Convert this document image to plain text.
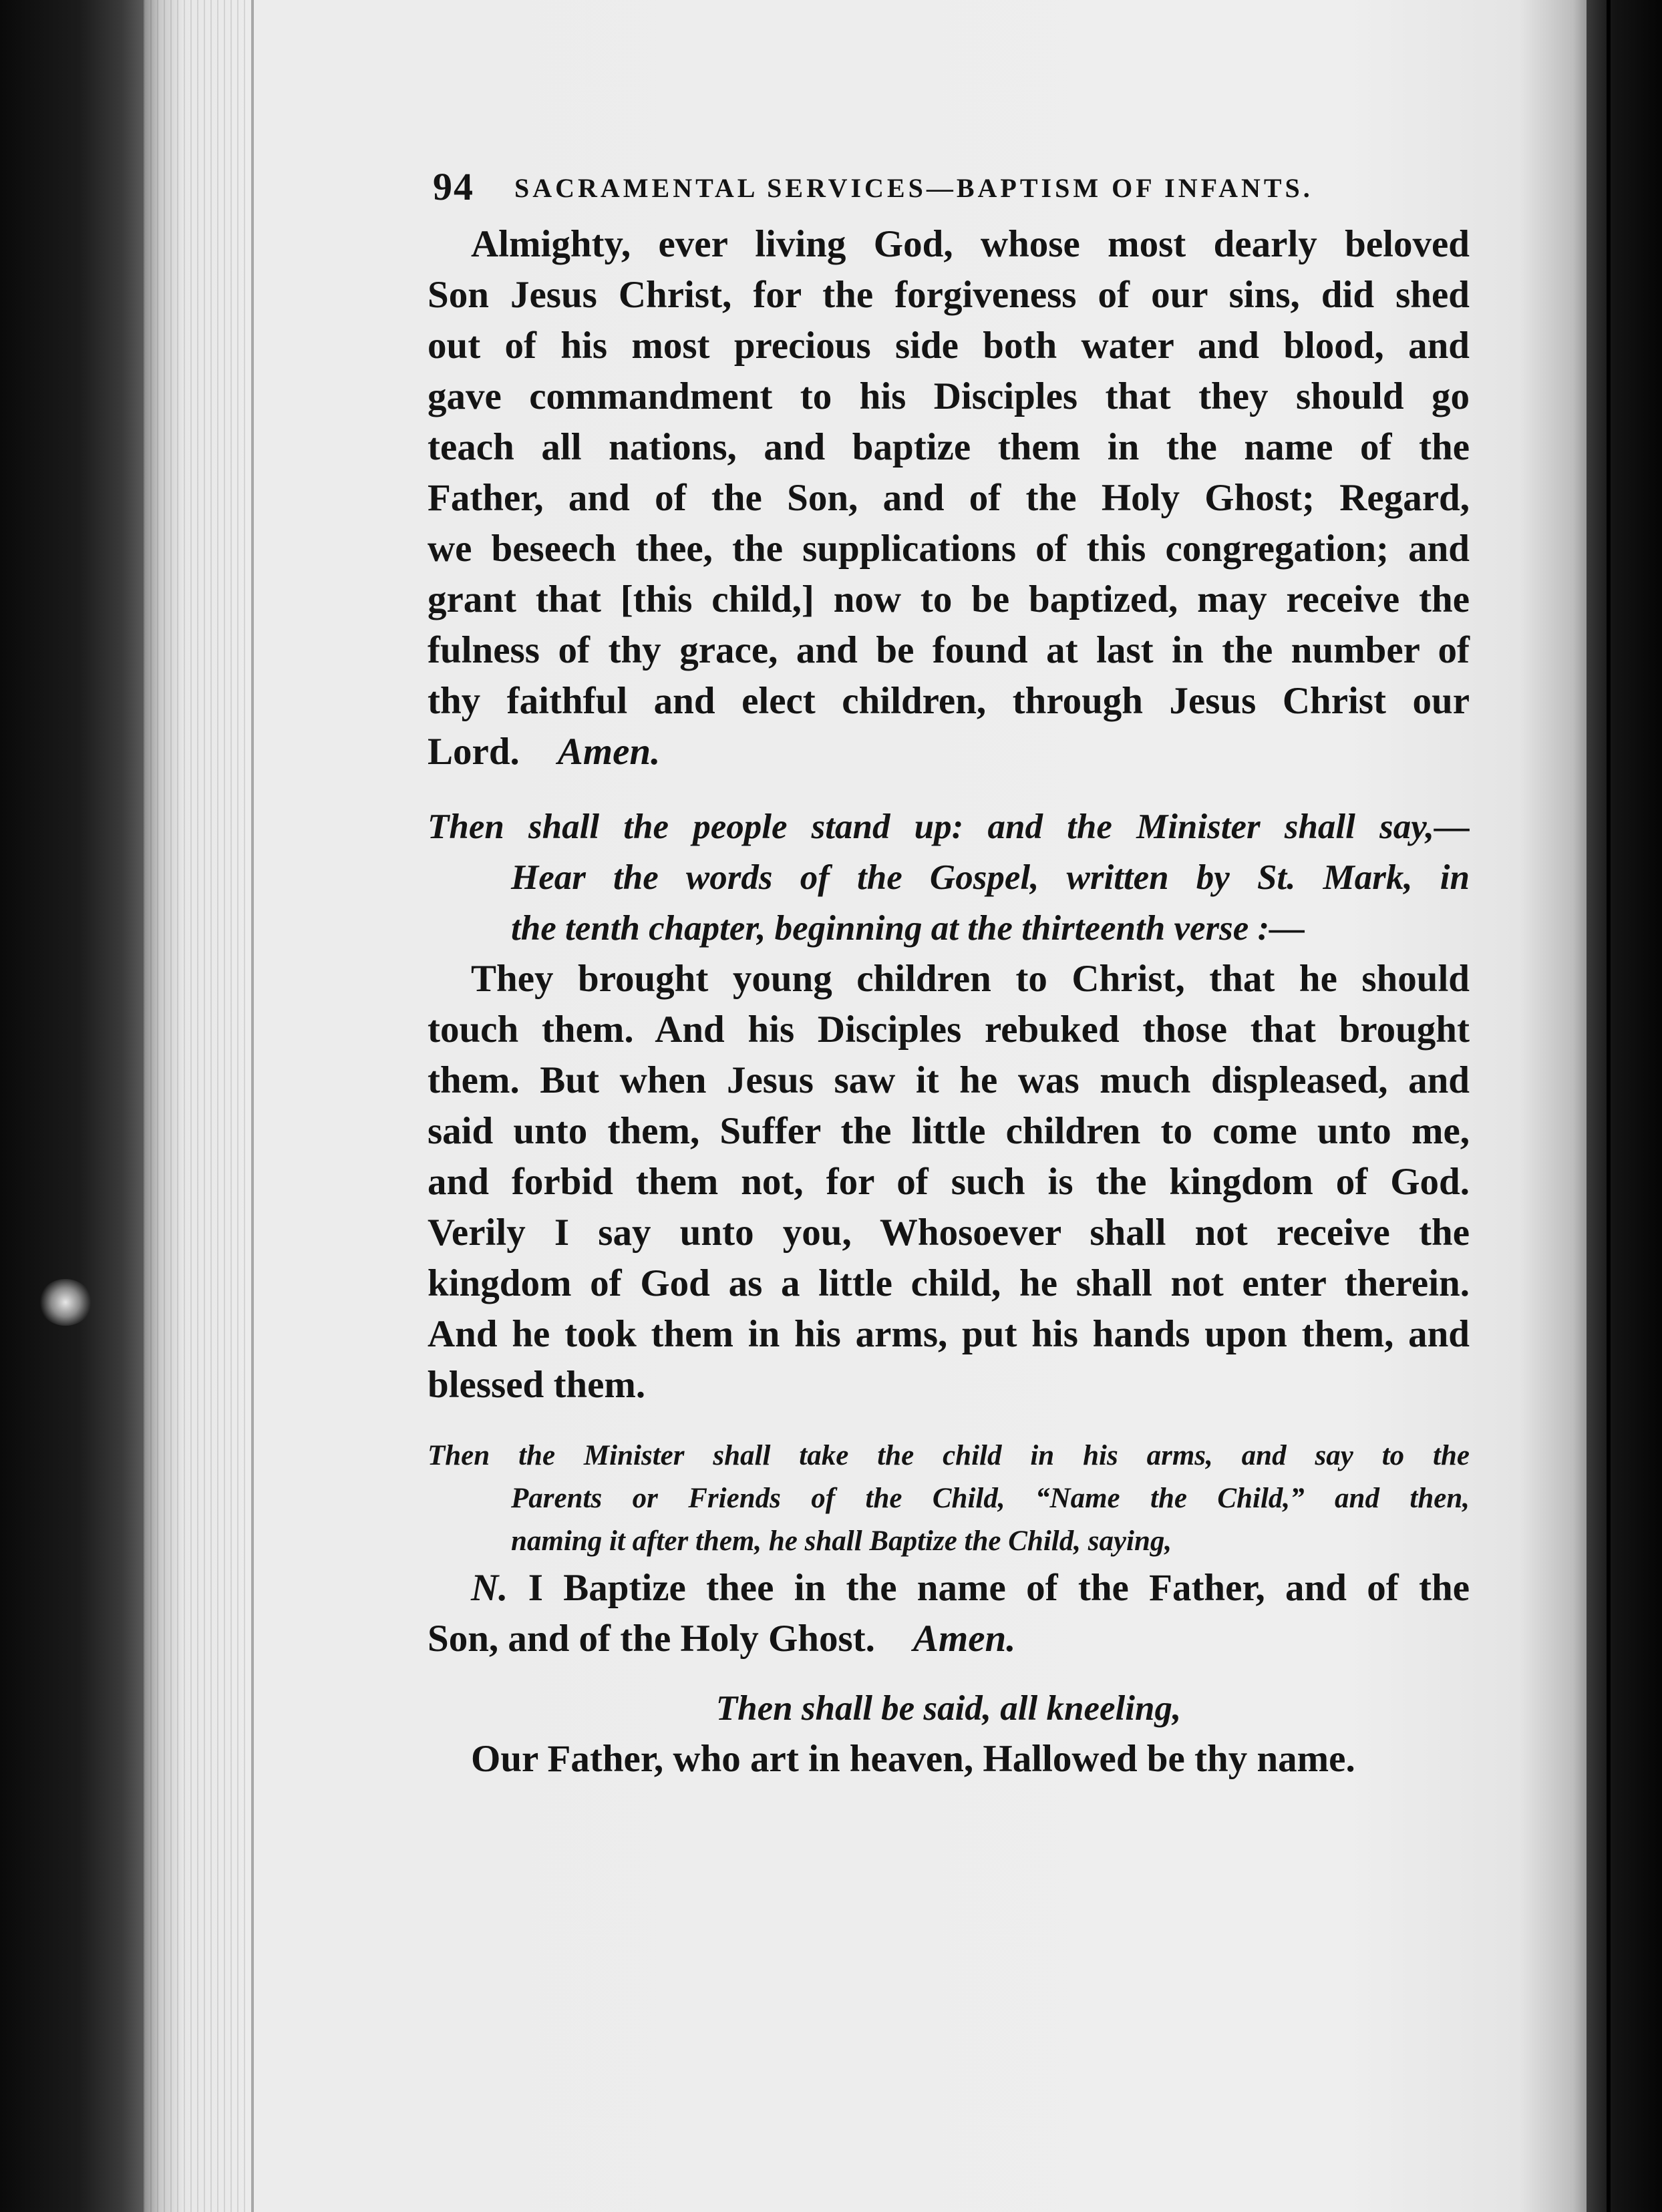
94 SACRAMENTAL SERVICES—BAPTISM OF INFANTS.
Almighty, ever living God, whose most dearly beloved
Son Jesus Christ, for the forgiveness of our sins, did shed
out of his most precious side both water and blood, and
gave commandment to his Disciples that they should go
teach all nations, and baptize them in the name of the
Father, and of the Son, and of the Holy Ghost; Regard,
we beseech thee, the supplications of this congregation; and
grant that [this child,] now to be baptized, may receive the
fulness of thy grace, and be found at last in the number of
thy faithful and elect children, through Jesus Christ our
Lord. Amen.
Then shall the people stand up: and the Minister shall say,—
Hear the words of the Gospel, written by St. Mark, in
the tenth chapter, beginning at the thirteenth verse :—
They brought young children to Christ, that he should
touch them. And his Disciples rebuked those that brought
them. But when Jesus saw it he was much displeased, and
said unto them, Suffer the little children to come unto me,
and forbid them not, for of such is the kingdom of God.
Verily I say unto you, Whosoever shall not receive the
kingdom of God as a little child, he shall not enter therein.
And he took them in his arms, put his hands upon them, and
blessed them.
Then the Minister shall take the child in his arms, and say to the
Parents or Friends of the Child, “Name the Child,” and then,
naming it after them, he shall Baptize the Child, saying,
N. I Baptize thee in the name of the Father, and of the
Son, and of the Holy Ghost. Amen.
Then shall be said, all kneeling,
Our Father, who art in heaven, Hallowed be thy name.
